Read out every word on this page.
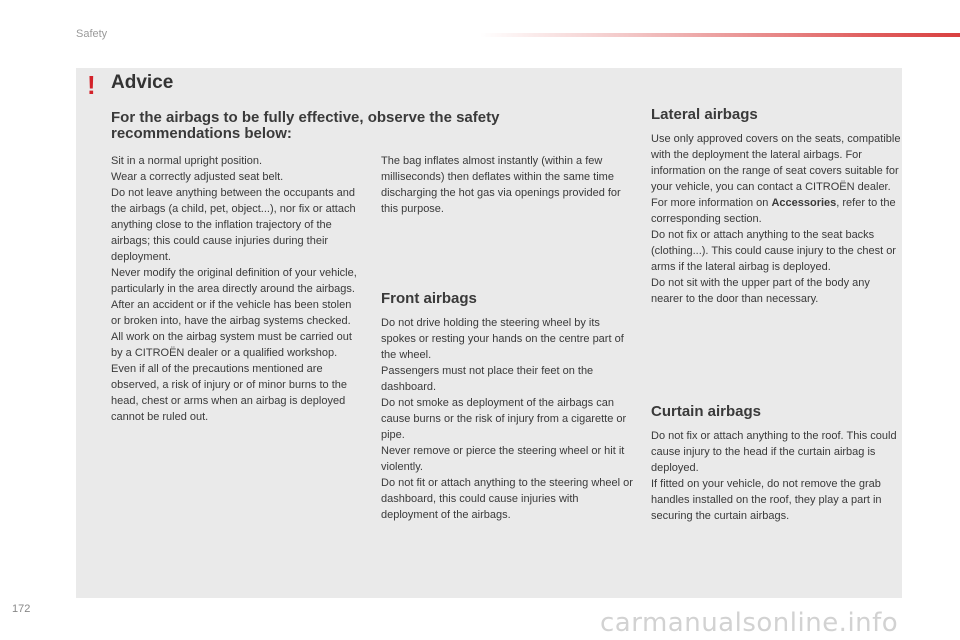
Safety
! Advice
For the airbags to be fully effective, observe the safety recommendations below:

Sit in a normal upright position.

Wear a correctly adjusted seat belt.

Do not leave anything between the occupants and the airbags (a child, pet, object...), nor fix or attach anything close to the inflation trajectory of the airbags; this could cause injuries during their deployment.

Never modify the original definition of your vehicle, particularly in the area directly around the airbags.

After an accident or if the vehicle has been stolen or broken into, have the airbag systems checked.

All work on the airbag system must be carried out by a CITROËN dealer or a qualified workshop.

Even if all of the precautions mentioned are observed, a risk of injury or of minor burns to the head, chest or arms when an airbag is deployed cannot be ruled out.

The bag inflates almost instantly (within a few milliseconds) then deflates within the same time discharging the hot gas via openings provided for this purpose.

Front airbags

Do not drive holding the steering wheel by its spokes or resting your hands on the centre part of the wheel.

Passengers must not place their feet on the dashboard.

Do not smoke as deployment of the airbags can cause burns or the risk of injury from a cigarette or pipe.

Never remove or pierce the steering wheel or hit it violently.

Do not fit or attach anything to the steering wheel or dashboard, this could cause injuries with deployment of the airbags.

Lateral airbags

Use only approved covers on the seats, compatible with the deployment the lateral airbags. For information on the range of seat covers suitable for your vehicle, you can contact a CITROËN dealer.

For more information on Accessories, refer to the corresponding section.

Do not fix or attach anything to the seat backs (clothing...). This could cause injury to the chest or arms if the lateral airbag is deployed.

Do not sit with the upper part of the body any nearer to the door than necessary.

Curtain airbags

Do not fix or attach anything to the roof. This could cause injury to the head if the curtain airbag is deployed.

If fitted on your vehicle, do not remove the grab handles installed on the roof, they play a part in securing the curtain airbags.

172	carmanualsonline.info
